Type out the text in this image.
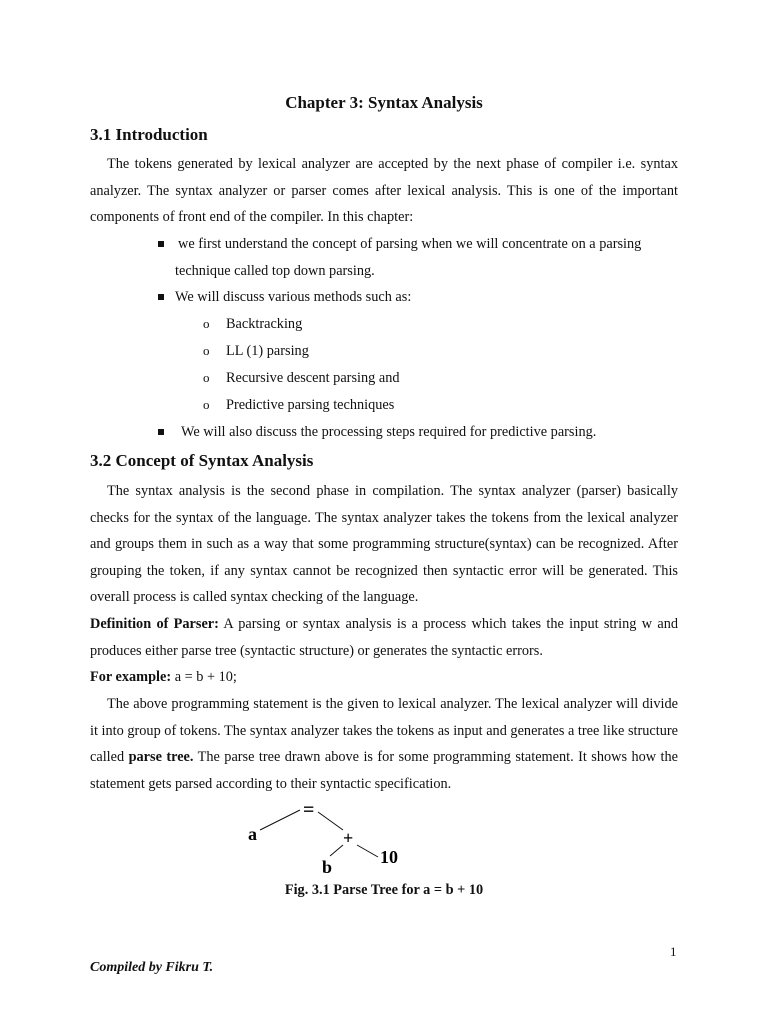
Chapter 3: Syntax Analysis
3.1 Introduction

The tokens generated by lexical analyzer are accepted by the next phase of compiler i.e. syntax analyzer. The syntax analyzer or parser comes after lexical analysis. This is one of the important components of front end of the compiler. In this chapter:

we first understand the concept of parsing when we will concentrate on a parsing
technique called top down parsing.
We will discuss various methods such as:
o Backtracking
o LL (1) parsing
o Recursive descent parsing and
o Predictive parsing techniques
We will also discuss the processing steps required for predictive parsing.
3.2 Concept of Syntax Analysis

The syntax analysis is the second phase in compilation. The syntax analyzer (parser) basically checks for the syntax of the language. The syntax analyzer takes the tokens from the lexical analyzer and groups them in such as a way that some programming structure(syntax) can be recognized. After grouping the token, if any syntax cannot be recognized then syntactic error will be generated. This overall process is called syntax checking of the language.

Definition of Parser: A parsing or syntax analysis is a process which takes the input string w and produces either parse tree (syntactic structure) or generates the syntactic errors.

For example: a = b + 10;

The above programming statement is the given to lexical analyzer. The lexical analyzer will divide it into group of tokens. The syntax analyzer takes the tokens as input and generates a tree like structure called parse tree. The parse tree drawn above is for some programming statement. It shows how the statement gets parsed according to their syntactic specification.

=
a	+
b	10
Fig. 3.1 Parse Tree for a = b + 10
1
Compiled by Fikru T.
